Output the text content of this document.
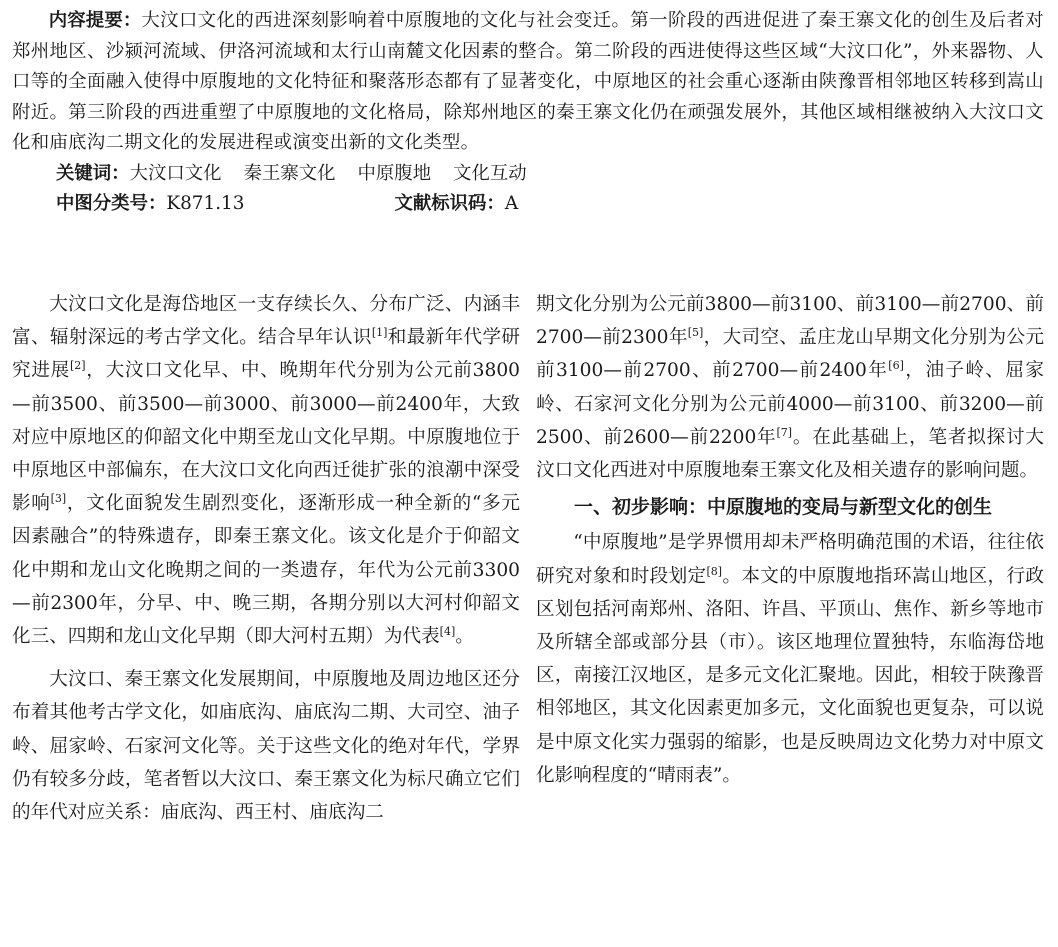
内容提要：大汶口文化的西进深刻影响着中原腹地的文化与社会变迁。第一阶段的西进促进了秦王寨文化的创生及后者对郑州地区、沙颍河流域、伊洛河流域和太行山南麓文化因素的整合。第二阶段的西进使得这些区域“大汶口化”，外来器物、人口等的全面融入使得中原腹地的文化特征和聚落形态都有了显著变化，中原地区的社会重心逐渐由陕豫晋相邻地区转移到嵩山附近。第三阶段的西进重塑了中原腹地的文化格局，除郑州地区的秦王寨文化仍在顽强发展外，其他区域相继被纳入大汶口文化和庙底沟二期文化的发展进程或演变出新的文化类型。

关键词：大汶口文化 秦王寨文化 中原腹地 文化互动

中图分类号：K871.13	文献标识码：A

大汶口文化是海岱地区一支存续长久、分布广泛、内涵丰富、辐射深远的考古学文化。结合早年认识[1]和最新年代学研究进展[2]，大汶口文化早、中、晚期年代分别为公元前3800—前3500、前3500—前3000、前3000—前2400年，大致对应中原地区的仰韶文化中期至龙山文化早期。中原腹地位于中原地区中部偏东，在大汶口文化向西迁徙扩张的浪潮中深受影响[3]，文化面貌发生剧烈变化，逐渐形成一种全新的“多元因素融合”的特殊遗存，即秦王寨文化。该文化是介于仰韶文化中期和龙山文化晚期之间的一类遗存，年代为公元前3300—前2300年，分早、中、晚三期，各期分别以大河村仰韶文化三、四期和龙山文化早期（即大河村五期）为代表[4]。

大汶口、秦王寨文化发展期间，中原腹地及周边地区还分布着其他考古学文化，如庙底沟、庙底沟二期、大司空、油子岭、屈家岭、石家河文化等。关于这些文化的绝对年代，学界仍有较多分歧，笔者暂以大汶口、秦王寨文化为标尺确立它们的年代对应关系：庙底沟、西王村、庙底沟二

期文化分别为公元前3800—前3100、前3100—前2700、前2700—前2300年[5]，大司空、孟庄龙山早期文化分别为公元前3100—前2700、前2700—前2400年[6]，油子岭、屈家岭、石家河文化分别为公元前4000—前3100、前3200—前2500、前2600—前2200年[7]。在此基础上，笔者拟探讨大汶口文化西进对中原腹地秦王寨文化及相关遗存的影响问题。

一、初步影响：中原腹地的变局与新型文化的创生

“中原腹地”是学界惯用却未严格明确范围的术语，往往依研究对象和时段划定[8]。本文的中原腹地指环嵩山地区，行政区划包括河南郑州、洛阳、许昌、平顶山、焦作、新乡等地市及所辖全部或部分县（市）。该区地理位置独特，东临海岱地区，南接江汉地区，是多元文化汇聚地。因此，相较于陕豫晋相邻地区，其文化因素更加多元，文化面貌也更复杂，可以说是中原文化实力强弱的缩影，也是反映周边文化势力对中原文化影响程度的“晴雨表”。
